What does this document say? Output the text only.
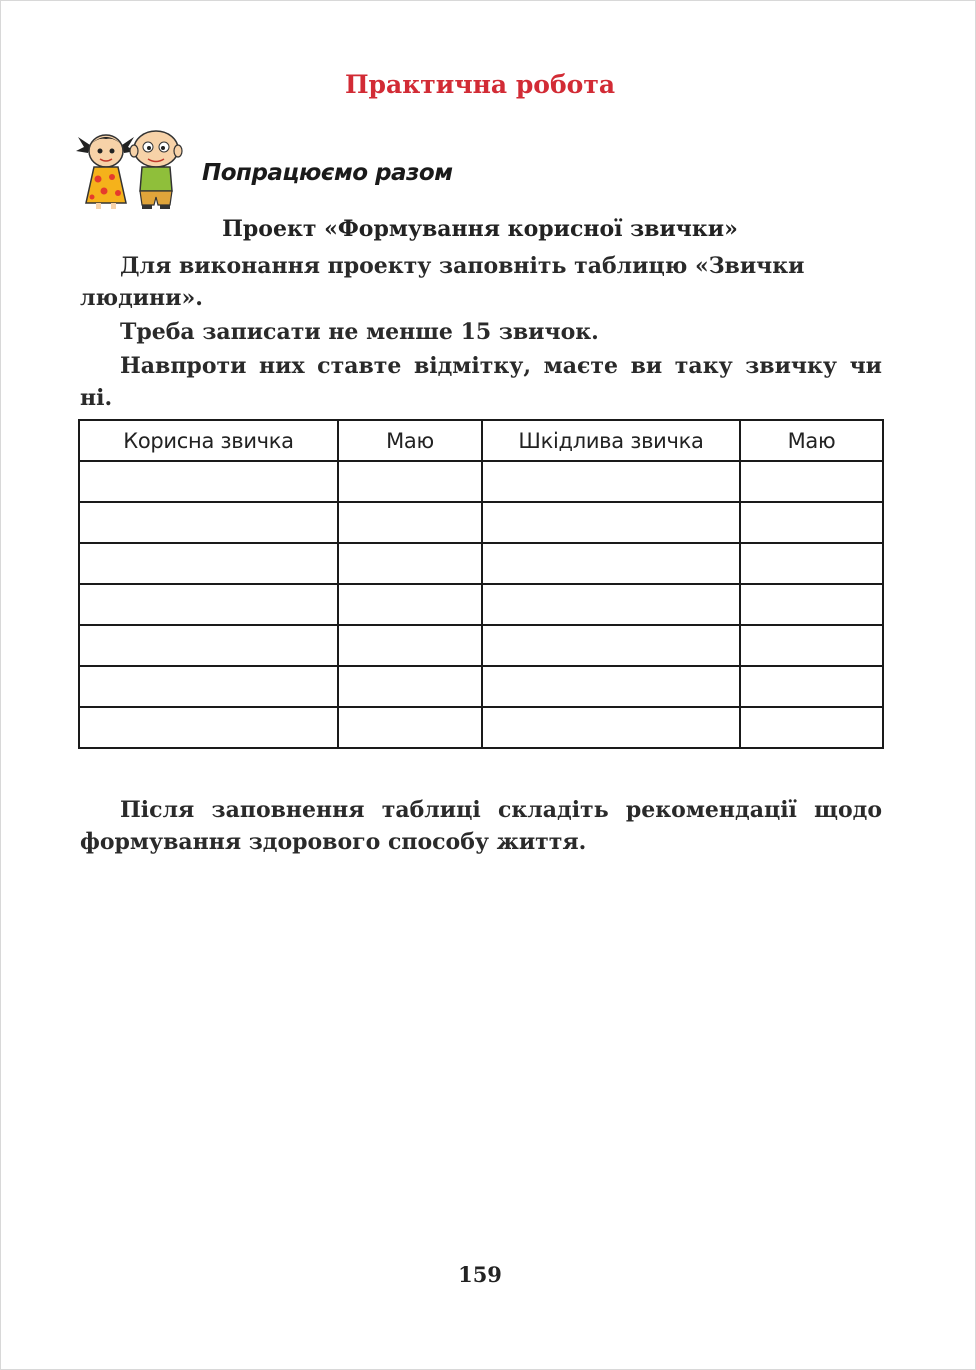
Практична робота
Попрацюємо разом
Проект «Формування корисної звички»
Для виконання проекту заповніть таблицю «Звички людини».
Треба записати не менше 15 звичок.
Навпроти них ставте відмітку, маєте ви таку звичку чи ні.
Корисна звичка	Маю	Шкідлива звичка	Маю

Після заповнення таблиці складіть рекомендації щодо формування здорового способу життя.
159
